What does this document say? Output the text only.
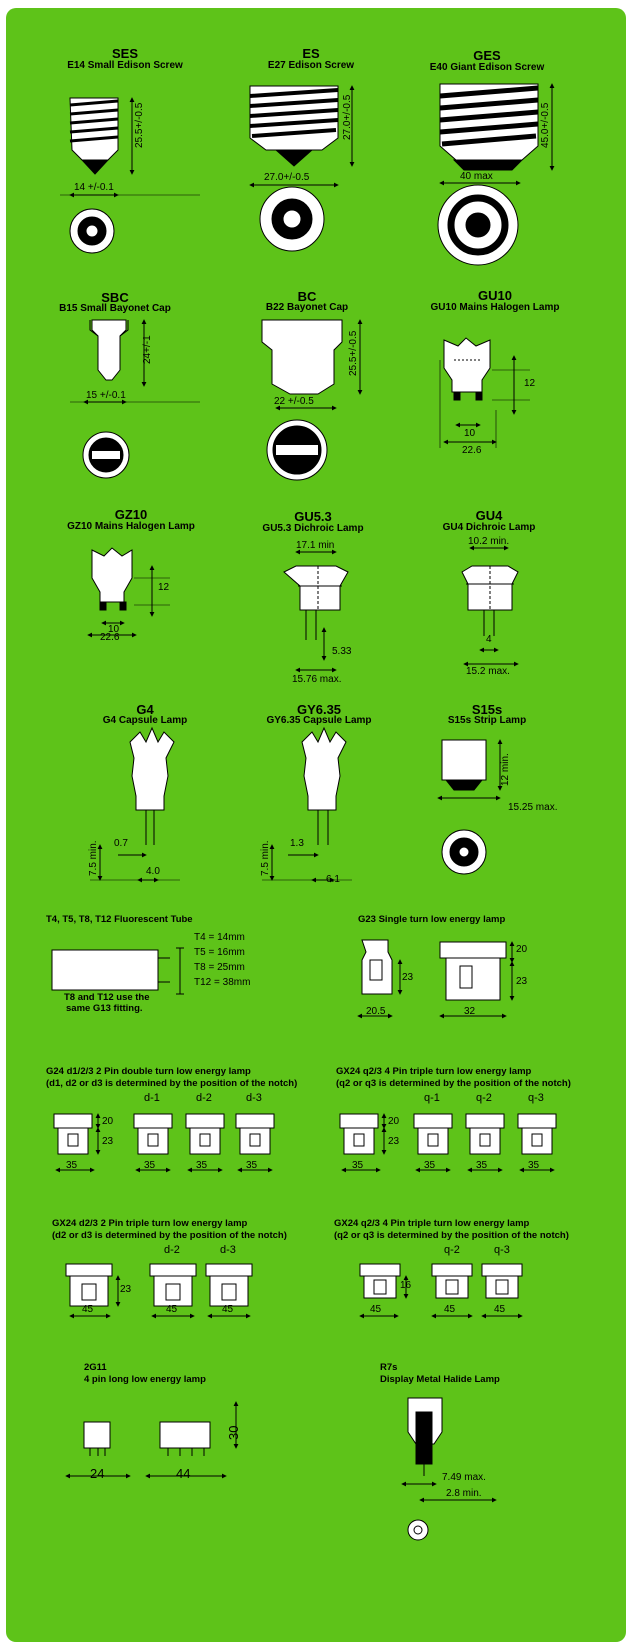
SES
E14 Small Edison Screw
ES
E27 Edison Screw
GES
E40 Giant Edison Screw
14 +/-0.1
25.5+/-0.5
27.0+/-0.5
27.0+/-0.5
40 max
45.0+/-0.5
SBC
B15 Small Bayonet Cap
BC
B22 Bayonet Cap
GU10
GU10 Mains Halogen Lamp
15 +/-0.1
24+/-1
22 +/-0.5
25.5+/-0.5
12
10
22.6
GZ10
GZ10 Mains Halogen Lamp
GU5.3
GU5.3 Dichroic Lamp
GU4
GU4 Dichroic Lamp
12
10
22.6
17.1 min
5.33
15.76 max.
10.2 min.
4
15.2 max.
G4
G4 Capsule Lamp
GY6.35
GY6.35 Capsule Lamp
S15s
S15s Strip Lamp
0.7
4.0
7.5 min.	1.3
6.1
7.5 min.
12 min.
15.25 max.
T4, T5, T8, T12 Fluorescent Tube
T4 = 14mm
T5 = 16mm
T8 = 25mm
T12 = 38mm
T8 and T12 use the
same G13 fitting.
G23 Single turn low energy lamp
23
20
23
20.5	32
G24 d1/2/3 2 Pin double turn low energy lamp
(d1, d2 or d3 is determined by the position of the notch)
d-1	d-2	d-3
20
23
35	35	35	35
GX24 q2/3 4 Pin triple turn low energy lamp
(q2 or q3 is determined by the position of the notch)
q-1	q-2	q-3
20
23
35	35	35	35
GX24 d2/3 2 Pin triple turn low energy lamp
(d2 or d3 is determined by the position of the notch)
d-2	d-3
23
45	45	45
GX24 q2/3 4 Pin triple turn low energy lamp
(q2 or q3 is determined by the position of the notch)
q-2	q-3
16
45	45	45
2G11
4 pin long low energy lamp
24	44
30
R7s
Display Metal Halide Lamp
7.49 max.
2.8 min.
